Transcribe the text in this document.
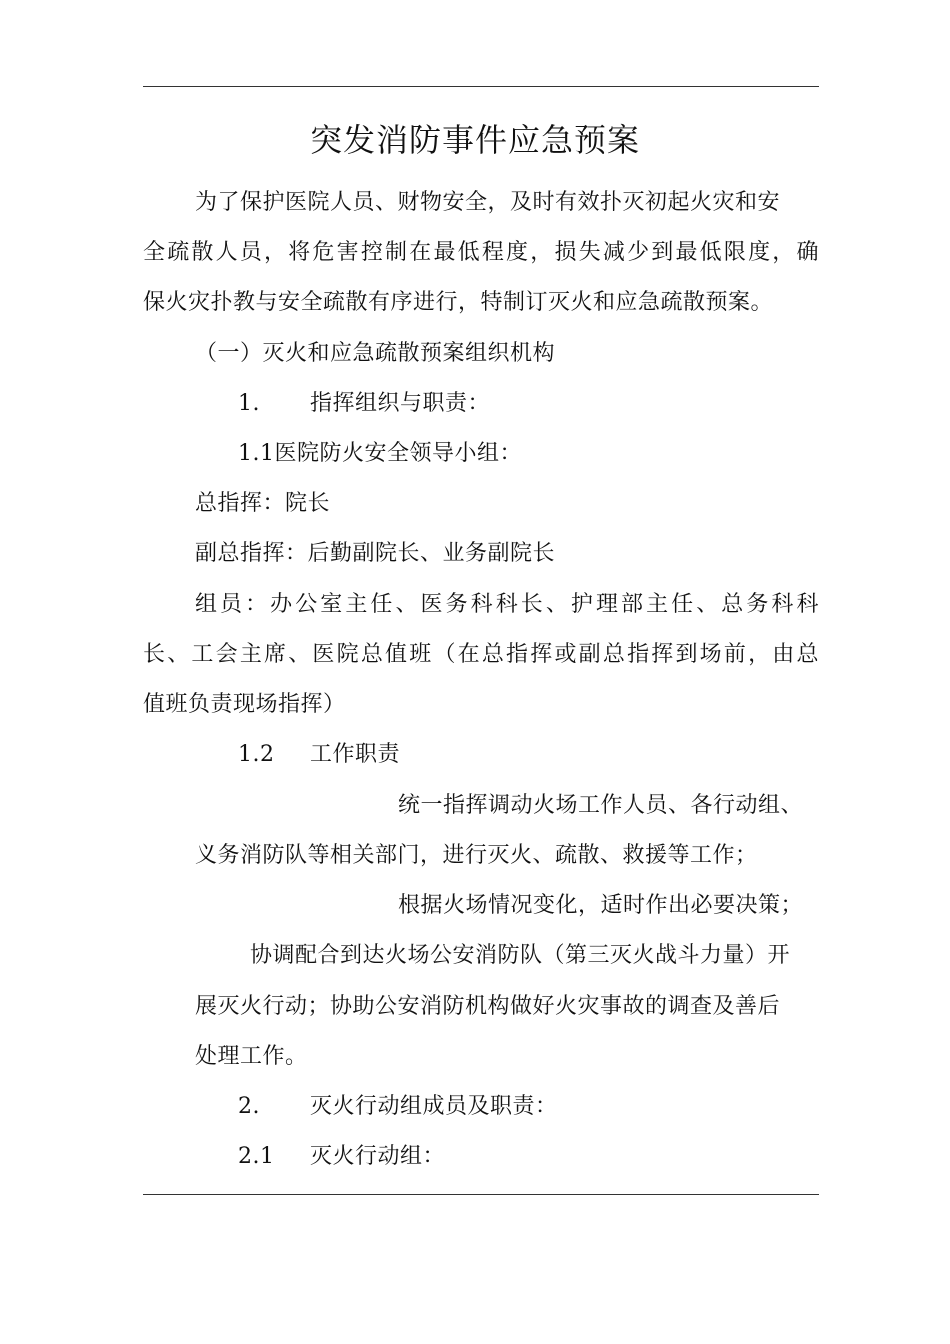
突发消防事件应急预案
为了保护医院人员、财物安全，及时有效扑灭初起火灾和安
全疏散人员，将危害控制在最低程度，损失减少到最低限度，确
保火灾扑教与安全疏散有序进行，特制订灭火和应急疏散预案。
（一）灭火和应急疏散预案组织机构
1. 指挥组织与职责：
1.1医院防火安全领导小组：
总指挥：院长
副总指挥：后勤副院长、业务副院长
组员：办公室主任、医务科科长、护理部主任、总务科科
长、工会主席、医院总值班（在总指挥或副总指挥到场前，由总
值班负责现场指挥）
1.2 工作职责
统一指挥调动火场工作人员、各行动组、
义务消防队等相关部门，进行灭火、疏散、救援等工作；
根据火场情况变化，适时作出必要决策；
协调配合到达火场公安消防队（第三灭火战斗力量）开
展灭火行动；协助公安消防机构做好火灾事故的调查及善后
处理工作。
2. 灭火行动组成员及职责：
2.1 灭火行动组：
